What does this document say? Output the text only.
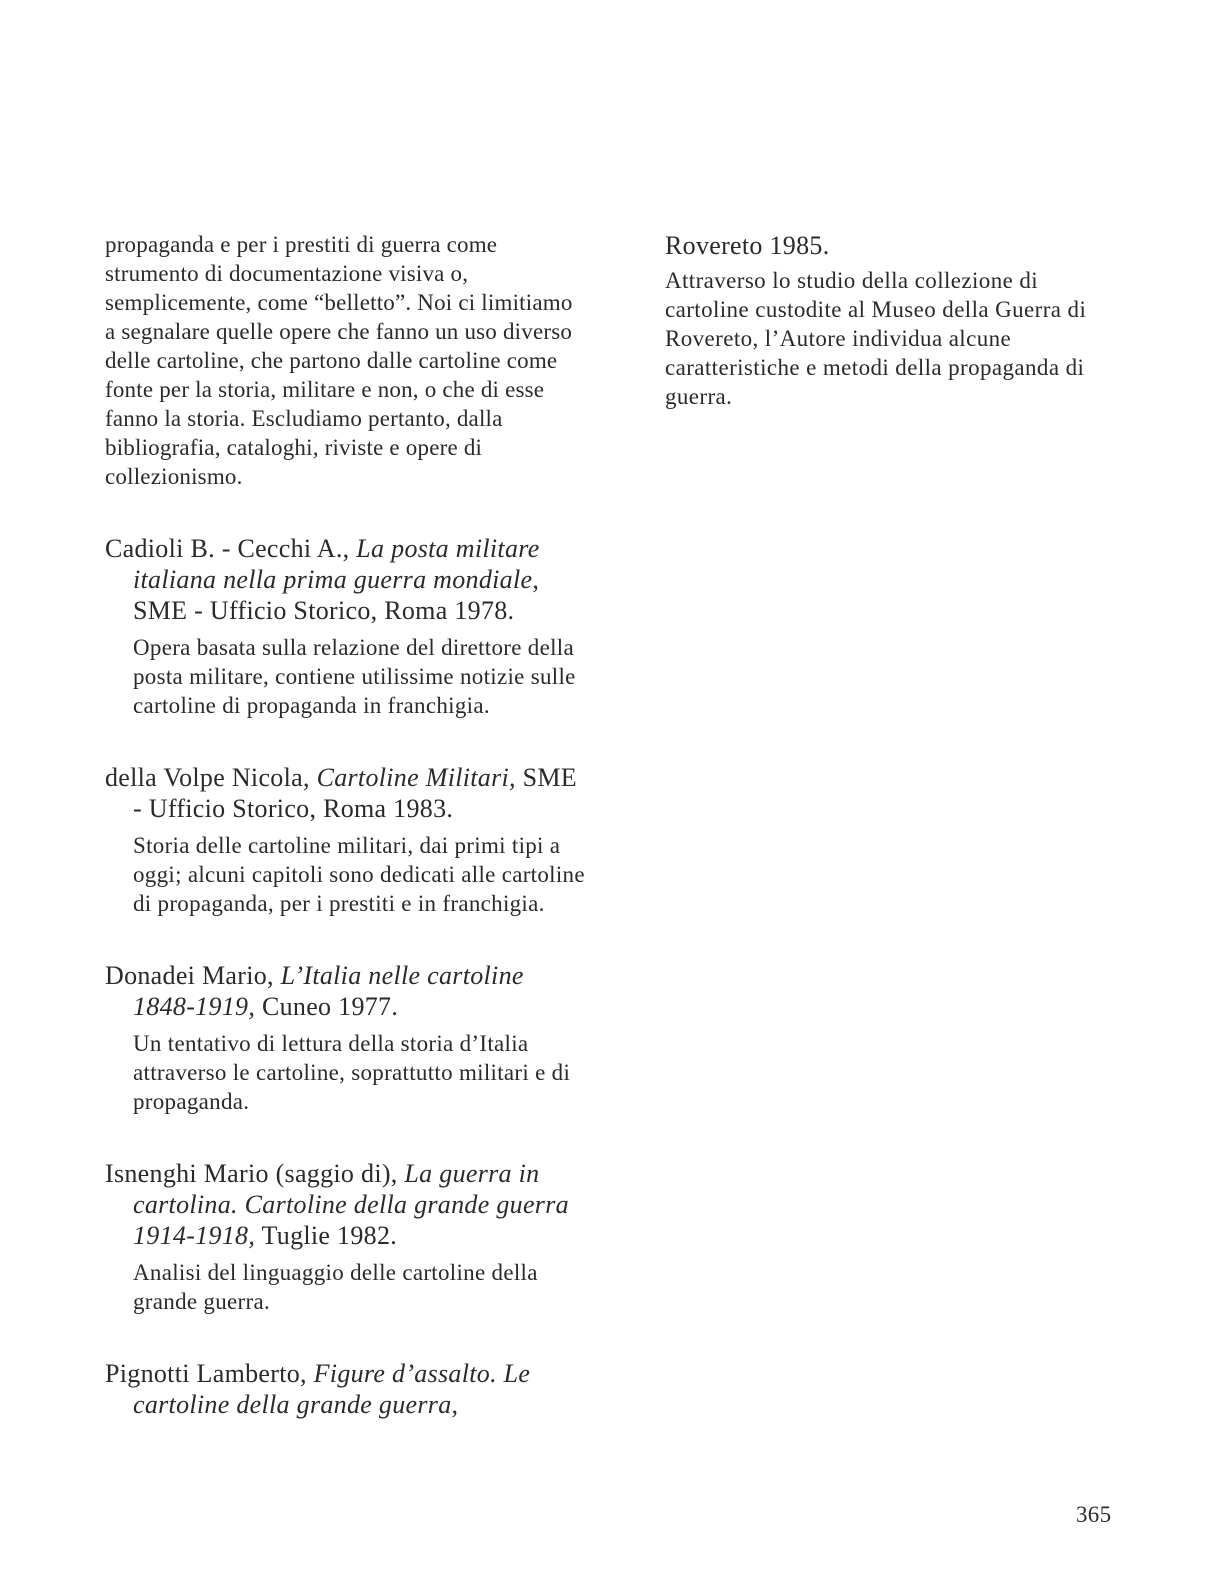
propaganda e per i prestiti di guerra come strumento di documentazione visiva o, semplicemente, come “belletto”. Noi ci limitiamo a segnalare quelle opere che fanno un uso diverso delle cartoline, che partono dalle cartoline come fonte per la storia, militare e non, o che di esse fanno la storia. Escludiamo pertanto, dalla bibliografia, cataloghi, riviste e opere di collezionismo.

Cadioli B. - Cecchi A., La posta militare italiana nella prima guerra mondiale, SME - Ufficio Storico, Roma 1978.

Opera basata sulla relazione del direttore della posta militare, contiene utilissime notizie sulle cartoline di propaganda in franchigia.

della Volpe Nicola, Cartoline Militari, SME - Ufficio Storico, Roma 1983.

Storia delle cartoline militari, dai primi tipi a oggi; alcuni capitoli sono dedicati alle cartoline di propaganda, per i prestiti e in franchigia.

Donadei Mario, L’Italia nelle cartoline 1848-1919, Cuneo 1977.

Un tentativo di lettura della storia d’Italia attraverso le cartoline, soprattutto militari e di propaganda.

Isnenghi Mario (saggio di), La guerra in cartolina. Cartoline della grande guerra 1914-1918, Tuglie 1982.

Analisi del linguaggio delle cartoline della grande guerra.

Pignotti Lamberto, Figure d’assalto. Le cartoline della grande guerra,

Rovereto 1985.

Attraverso lo studio della collezione di cartoline custodite al Museo della Guerra di Rovereto, l’Autore individua alcune caratteristiche e metodi della propaganda di guerra.

365
